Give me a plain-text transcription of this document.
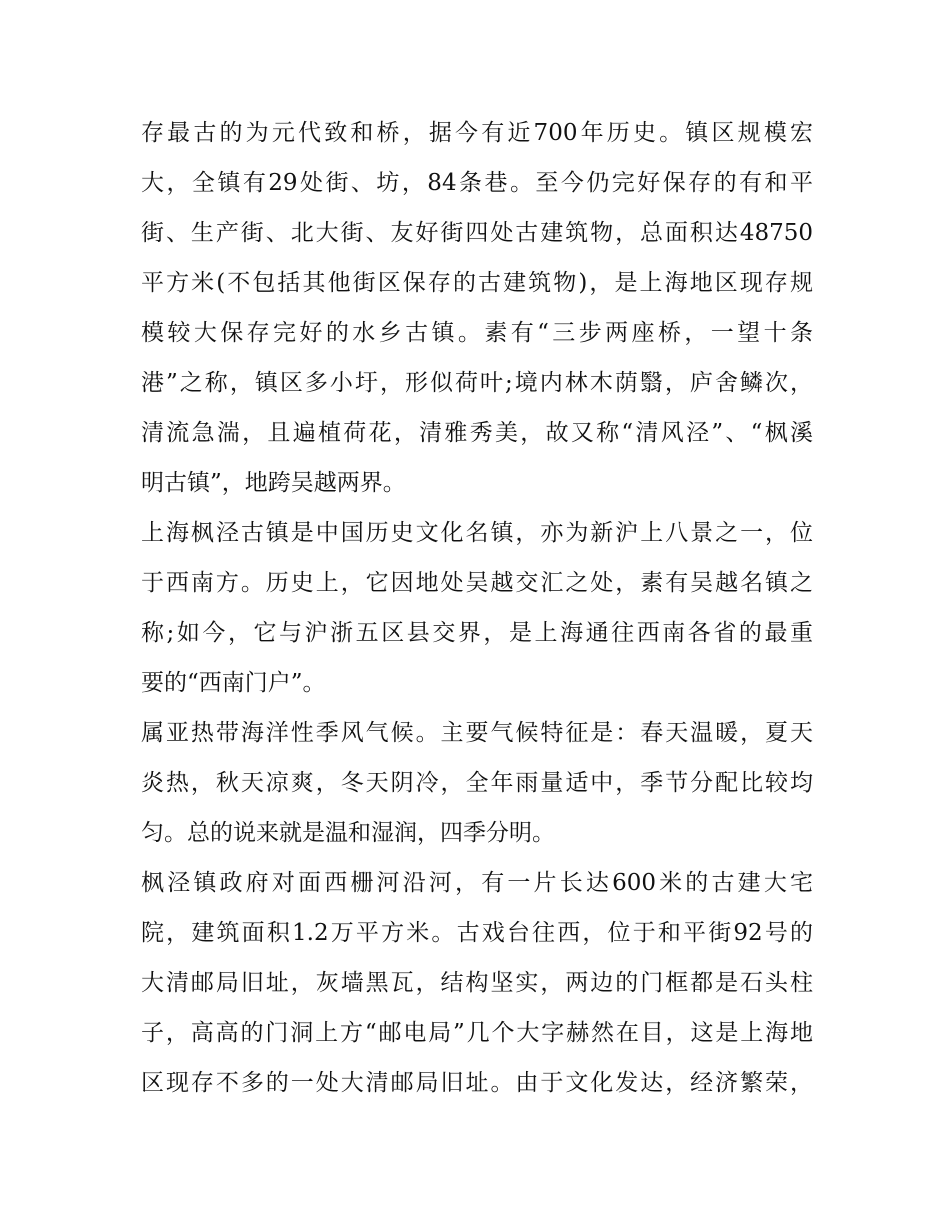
存最古的为元代致和桥，据今有近700年历史。镇区规模宏
大，全镇有29处街、坊，84条巷。至今仍完好保存的有和平
街、生产街、北大街、友好街四处古建筑物，总面积达48750
平方米(不包括其他街区保存的古建筑物)，是上海地区现存规
模较大保存完好的水乡古镇。素有“三步两座桥，一望十条
港”之称，镇区多小圩，形似荷叶;境内林木荫翳，庐舍鳞次，
清流急湍，且遍植荷花，清雅秀美，故又称“清风泾”、“枫溪
明古镇”，地跨吴越两界。
上海枫泾古镇是中国历史文化名镇，亦为新沪上八景之一，位
于西南方。历史上，它因地处吴越交汇之处，素有吴越名镇之
称;如今，它与沪浙五区县交界，是上海通往西南各省的最重
要的“西南门户”。
属亚热带海洋性季风气候。主要气候特征是：春天温暖，夏天
炎热，秋天凉爽，冬天阴冷，全年雨量适中，季节分配比较均
匀。总的说来就是温和湿润，四季分明。
枫泾镇政府对面西栅河沿河，有一片长达600米的古建大宅
院，建筑面积1.2万平方米。古戏台往西，位于和平街92号的
大清邮局旧址，灰墙黑瓦，结构坚实，两边的门框都是石头柱
子，高高的门洞上方“邮电局”几个大字赫然在目，这是上海地
区现存不多的一处大清邮局旧址。由于文化发达，经济繁荣，
